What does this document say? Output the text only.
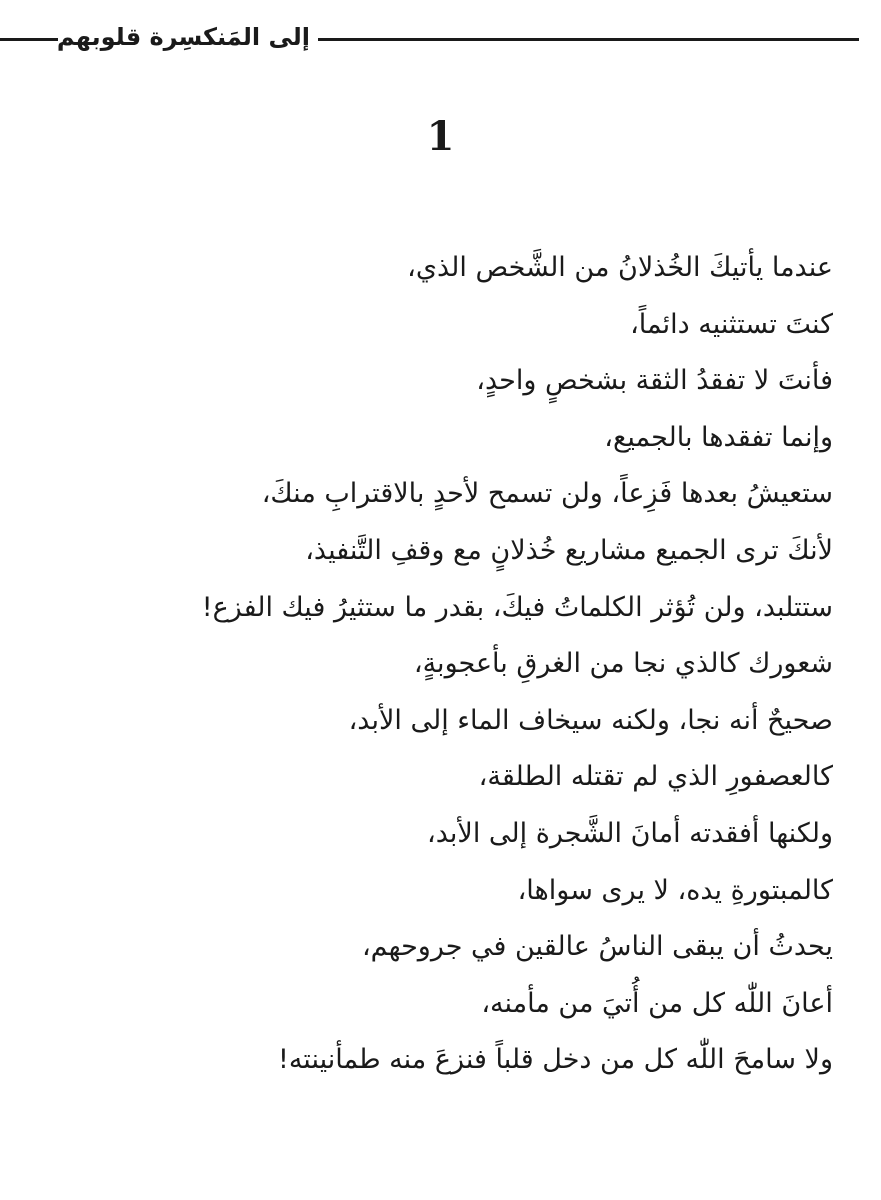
إلى المَنكسِرة قلوبهم
1
عندما يأتيكَ الخُذلانُ من الشَّخص الذي،
كنتَ تستثنيه دائماً،
فأنتَ لا تفقدُ الثقة بشخصٍ واحدٍ،
وإنما تفقدها بالجميع،
ستعيشُ بعدها فَزِعاً، ولن تسمح لأحدٍ بالاقترابِ منكَ،
لأنكَ ترى الجميع مشاريع خُذلانٍ مع وقفِ التَّنفيذ،
ستتلبد، ولن تُؤثر الكلماتُ فيكَ، بقدر ما ستثيرُ فيك الفزع!
شعورك كالذي نجا من الغرقِ بأعجوبةٍ،
صحيحٌ أنه نجا، ولكنه سيخاف الماء إلى الأبد،
كالعصفورِ الذي لم تقتله الطلقة،
ولكنها أفقدته أمانَ الشَّجرة إلى الأبد،
كالمبتورةِ يده، لا يرى سواها،
يحدثُ أن يبقى الناسُ عالقين في جروحهم،
أعانَ اللّٰه كل من أُتيَ من مأمنه،
ولا سامحَ اللّٰه كل من دخل قلباً فنزعَ منه طمأنينته!
